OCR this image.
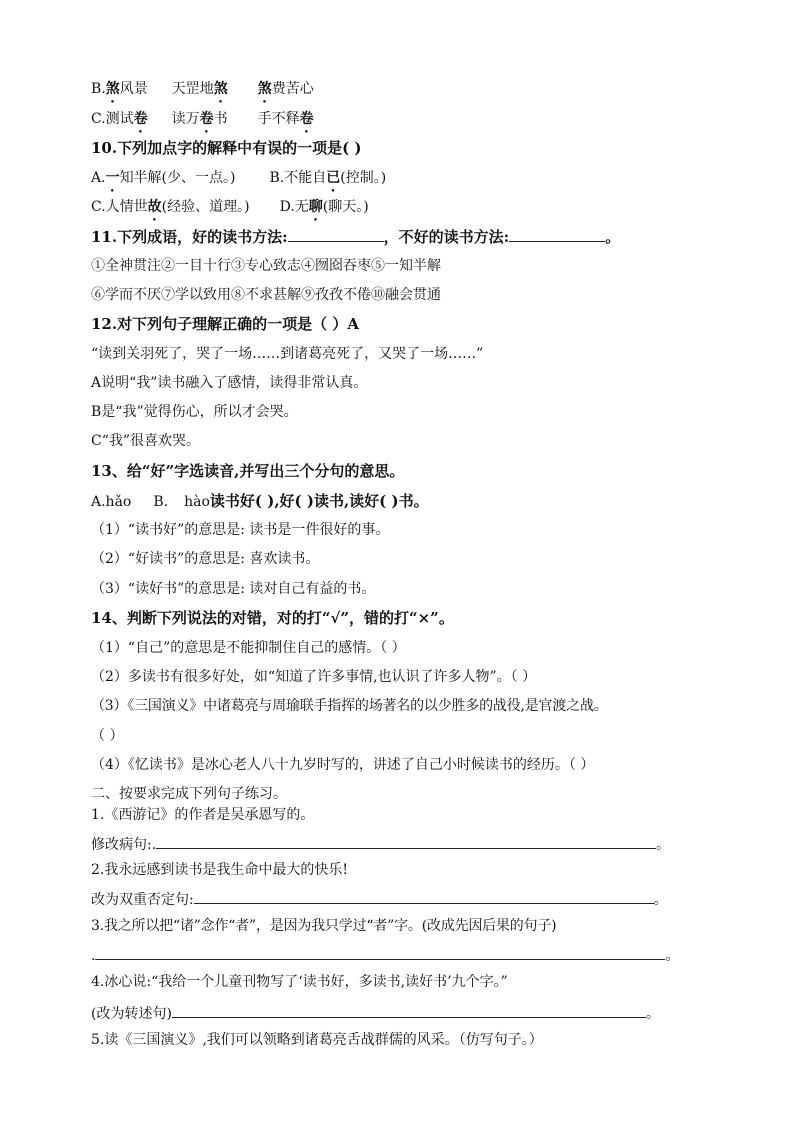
B.煞风景 天罡地煞 煞费苦心
C.测试卷 读万卷书 手不释卷
10.下列加点字的解释中有误的一项是( )
A.一知半解(少、一点。) B.不能自已(控制。)
C.人情世故(经验、道理。) D.无聊(聊天。)
11.下列成语，好的读书方法:	，不好的读书方法:	。
①全神贯注②一目十行③专心致志④囫囵吞枣⑤一知半解
⑥学而不厌⑦学以致用⑧不求甚解⑨孜孜不倦⑩融会贯通
12.对下列句子理解正确的一项是（ ）A
“读到关羽死了，哭了一场……到诸葛亮死了，又哭了一场……”
A说明“我”读书融入了感情，读得非常认真。
B是“我”觉得伤心，所以才会哭。
C“我”很喜欢哭。
13、给“好”字选读音,并写出三个分句的意思。
A.hǎo B. hào读书好( ),好( )读书,读好( )书。
（1）“读书好”的意思是: 读书是一件很好的事。
（2）“好读书”的意思是: 喜欢读书。
（3）“读好书”的意思是: 读对自己有益的书。
14、判断下列说法的对错，对的打“√”，错的打“×”。
（1）“自己”的意思是不能抑制住自己的感情。（ ）
（2）多读书有很多好处，如“知道了许多事情,也认识了许多人物”。（ ）
（3）《三国演义》中诸葛亮与周瑜联手指挥的场著名的以少胜多的战役,是官渡之战。
（ ）
（4）《忆读书》是冰心老人八十九岁时写的，讲述了自己小时候读书的经历。（ ）
二、按要求完成下列句子练习。
1.《西游记》的作者是吴承恩写的。
修改病句:.	。
2.我永远感到读书是我生命中最大的快乐!
改为双重否定句:	。
3.我之所以把“诸”念作“者”，是因为我只学过“者”字。(改成先因后果的句子)
.	。
4.冰心说:“我给一个儿童刊物写了‘读书好，多读书,读好书’九个字。”
(改为转述句)	。
5.读《三国演义》,我们可以领略到诸葛亮舌战群儒的风采。（仿写句子。）
